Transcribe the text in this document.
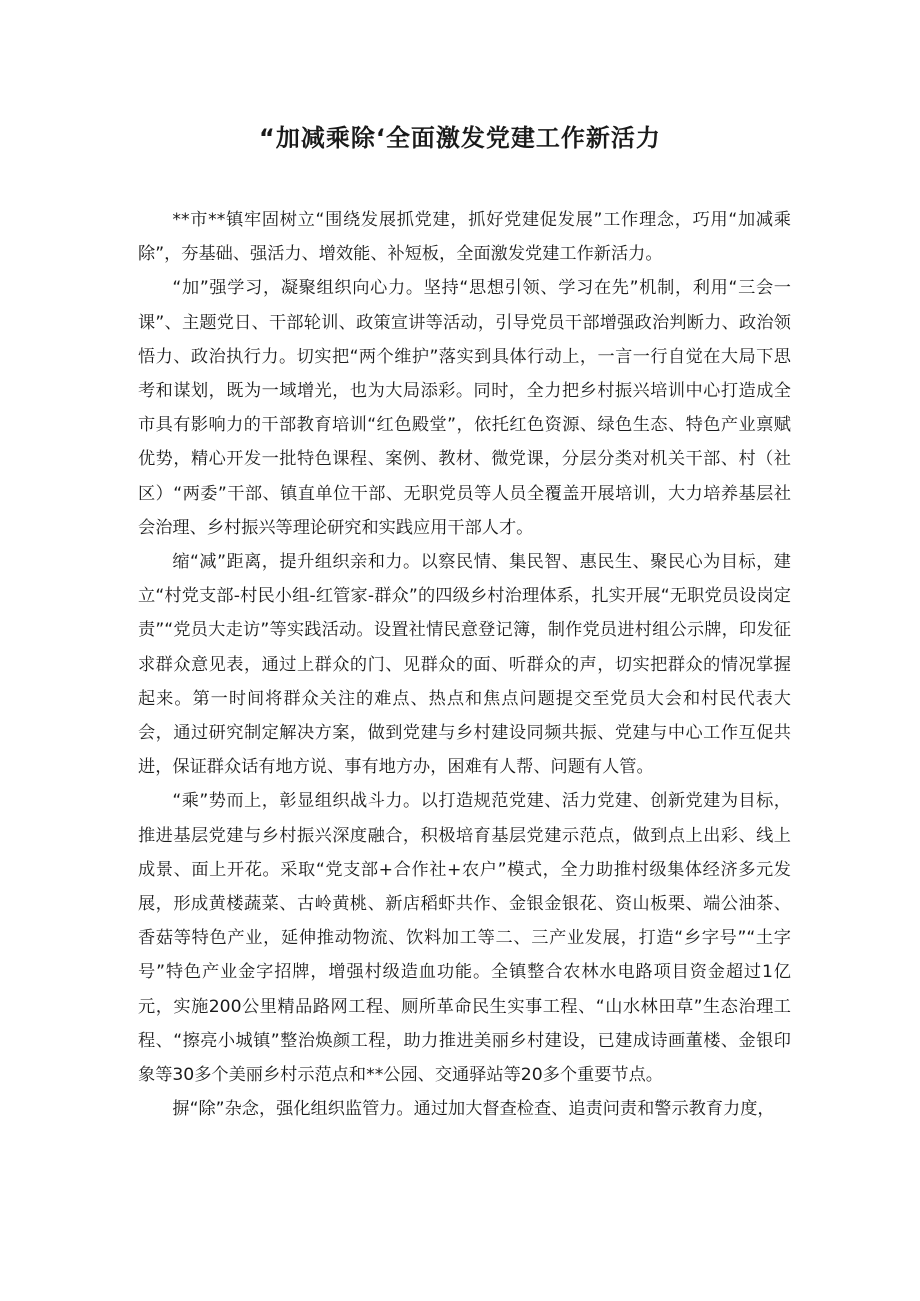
“加减乘除‘全面激发党建工作新活力

**市**镇牢固树立“围绕发展抓党建，抓好党建促发展”工作理念，巧用“加减乘除”，夯基础、强活力、增效能、补短板，全面激发党建工作新活力。

“加”强学习，凝聚组织向心力。坚持“思想引领、学习在先”机制，利用“三会一课”、主题党日、干部轮训、政策宣讲等活动，引导党员干部增强政治判断力、政治领悟力、政治执行力。切实把“两个维护”落实到具体行动上，一言一行自觉在大局下思考和谋划，既为一域增光，也为大局添彩。同时，全力把乡村振兴培训中心打造成全市具有影响力的干部教育培训“红色殿堂”，依托红色资源、绿色生态、特色产业禀赋优势，精心开发一批特色课程、案例、教材、微党课，分层分类对机关干部、村（社区）“两委”干部、镇直单位干部、无职党员等人员全覆盖开展培训，大力培养基层社会治理、乡村振兴等理论研究和实践应用干部人才。

缩“减”距离，提升组织亲和力。以察民情、集民智、惠民生、聚民心为目标，建立“村党支部-村民小组-红管家-群众”的四级乡村治理体系，扎实开展“无职党员设岗定责”“党员大走访”等实践活动。设置社情民意登记簿，制作党员进村组公示牌，印发征求群众意见表，通过上群众的门、见群众的面、听群众的声，切实把群众的情况掌握起来。第一时间将群众关注的难点、热点和焦点问题提交至党员大会和村民代表大会，通过研究制定解决方案，做到党建与乡村建设同频共振、党建与中心工作互促共进，保证群众话有地方说、事有地方办，困难有人帮、问题有人管。

“乘”势而上，彰显组织战斗力。以打造规范党建、活力党建、创新党建为目标，推进基层党建与乡村振兴深度融合，积极培育基层党建示范点，做到点上出彩、线上成景、面上开花。采取“党支部+合作社+农户”模式，全力助推村级集体经济多元发展，形成黄楼蔬菜、古岭黄桃、新店稻虾共作、金银金银花、资山板栗、端公油茶、香菇等特色产业，延伸推动物流、饮料加工等二、三产业发展，打造“乡字号”“土字号”特色产业金字招牌，增强村级造血功能。全镇整合农林水电路项目资金超过1亿元，实施200公里精品路网工程、厕所革命民生实事工程、“山水林田草”生态治理工程、“擦亮小城镇”整治焕颜工程，助力推进美丽乡村建设，已建成诗画董楼、金银印象等30多个美丽乡村示范点和**公园、交通驿站等20多个重要节点。

摒“除”杂念，强化组织监管力。通过加大督查检查、追责问责和警示教育力度，
